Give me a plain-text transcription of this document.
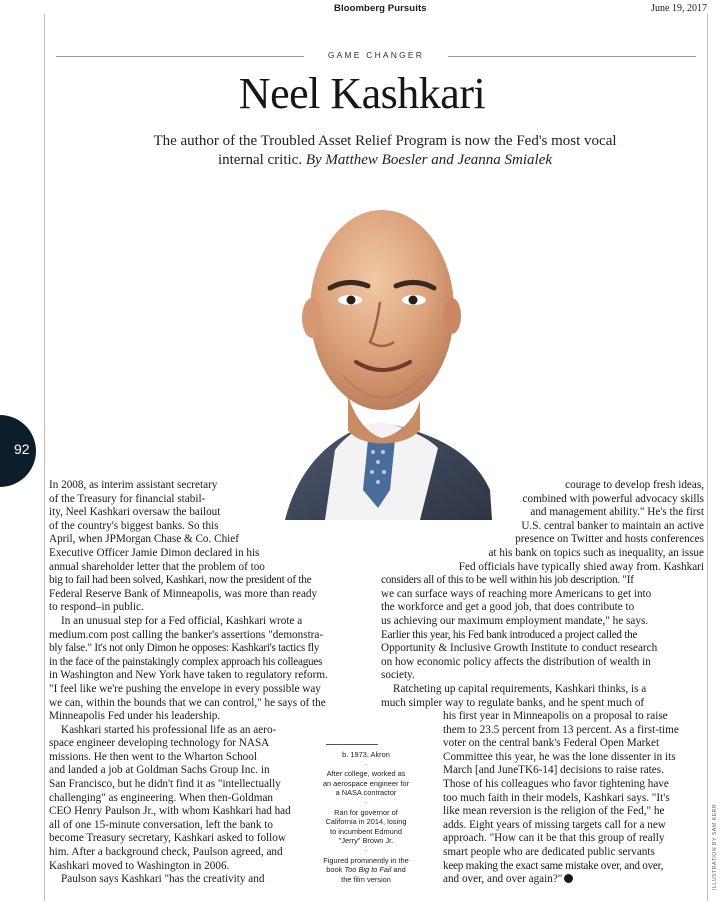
Bloomberg Pursuits	June 19, 2017
GAME CHANGER
Neel Kashkari
The author of the Troubled Asset Relief Program is now the Fed's most vocal internal critic. By Matthew Boesler and Jeanna Smialek
92
In 2008, as interim assistant secretary
of the Treasury for financial stabil-
ity, Neel Kashkari oversaw the bailout
of the country's biggest banks. So this
April, when JPMorgan Chase & Co. Chief
Executive Officer Jamie Dimon declared in his
annual shareholder letter that the problem of too
big to fail had been solved, Kashkari, now the president of the
Federal Reserve Bank of Minneapolis, was more than ready
to respond–in public.
In an unusual step for a Fed official, Kashkari wrote a
medium.com post calling the banker's assertions "demonstra-
bly false." It's not only Dimon he opposes: Kashkari's tactics fly
in the face of the painstakingly complex approach his colleagues
in Washington and New York have taken to regulatory reform.
"I feel like we're pushing the envelope in every possible way
we can, within the bounds that we can control," he says of the
Minneapolis Fed under his leadership.
Kashkari started his professional life as an aero-
space engineer developing technology for NASA
missions. He then went to the Wharton School
and landed a job at Goldman Sachs Group Inc. in
San Francisco, but he didn't find it as "intellectually
challenging" as engineering. When then-Goldman
CEO Henry Paulson Jr., with whom Kashkari had had
all of one 15-minute conversation, left the bank to
become Treasury secretary, Kashkari asked to follow
him. After a background check, Paulson agreed, and
Kashkari moved to Washington in 2006.
Paulson says Kashkari "has the creativity and
b. 1973, Akron
-
After college, worked as an aerospace engineer for a NASA contractor
-
Ran for governor of California in 2014, losing to incumbent Edmund "Jerry" Brown Jr.
-
Figured prominently in the book Too Big to Fail and the film version
courage to develop fresh ideas,
combined with powerful advocacy skills
and management ability." He's the first
U.S. central banker to maintain an active
presence on Twitter and hosts conferences
at his bank on topics such as inequality, an issue
Fed officials have typically shied away from. Kashkari
considers all of this to be well within his job description. "If
we can surface ways of reaching more Americans to get into
the workforce and get a good job, that does contribute to
us achieving our maximum employment mandate," he says.
Earlier this year, his Fed bank introduced a project called the
Opportunity & Inclusive Growth Institute to conduct research
on how economic policy affects the distribution of wealth in
society.
Ratcheting up capital requirements, Kashkari thinks, is a
much simpler way to regulate banks, and he spent much of
his first year in Minneapolis on a proposal to raise
them to 23.5 percent from 13 percent. As a first-time
voter on the central bank's Federal Open Market
Committee this year, he was the lone dissenter in its
March [and JuneTK6-14] decisions to raise rates.
Those of his colleagues who favor tightening have
too much faith in their models, Kashkari says. "It's
like mean reversion is the religion of the Fed," he
adds. Eight years of missing targets call for a new
approach. "How can it be that this group of really
smart people who are dedicated public servants
keep making the exact same mistake over, and over,
and over, and over again?"	ILLUSTRATION BY SAM KERR
